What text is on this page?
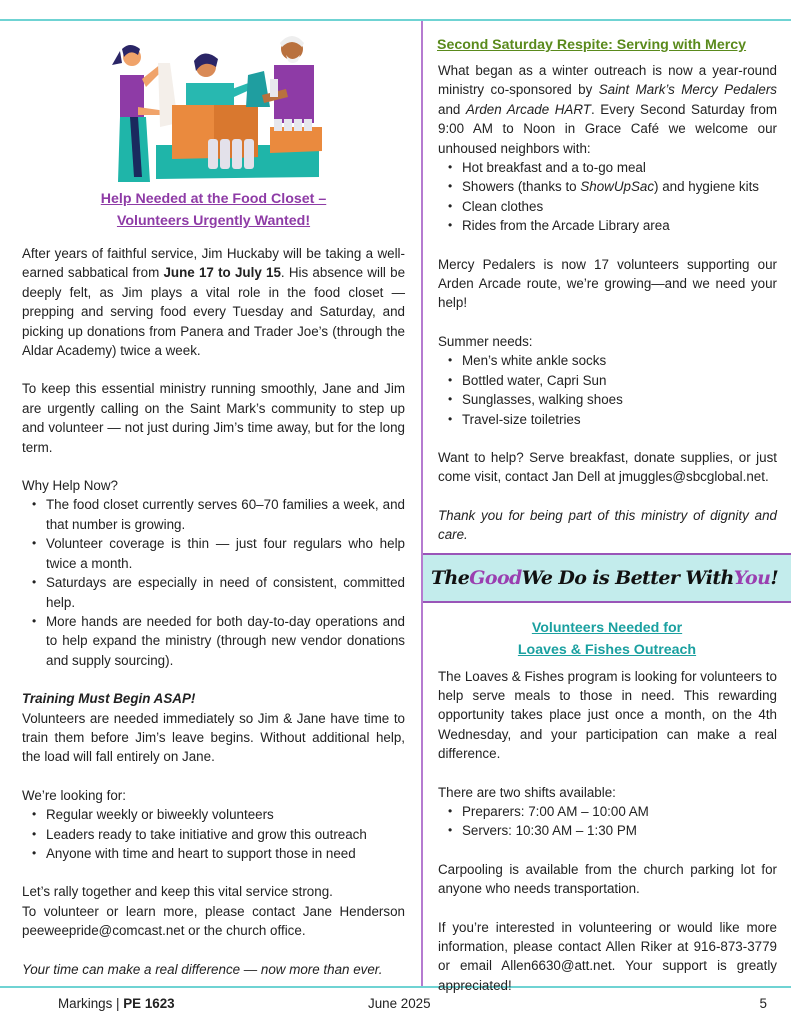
Help Needed at the Food Closet –
Volunteers Urgently Wanted!

After years of faithful service, Jim Huckaby will be taking a well-earned sabbatical from June 17 to July 15. His absence will be deeply felt, as Jim plays a vital role in the food closet — prepping and serving food every Tuesday and Saturday, and picking up donations from Panera and Trader Joe’s (through the Aldar Academy) twice a week.

To keep this essential ministry running smoothly, Jane and Jim are urgently calling on the Saint Mark’s community to step up and volunteer — not just during Jim’s time away, but for the long term.

Why Help Now?

• The food closet currently serves 60–70 families a week, and that number is growing.
• Volunteer coverage is thin — just four regulars who help twice a month.
• Saturdays are especially in need of consistent, committed help.
• More hands are needed for both day-to-day operations and to help expand the ministry (through new vendor donations and supply sourcing).

Training Must Begin ASAP!

Volunteers are needed immediately so Jim & Jane have time to train them before Jim’s leave begins. Without additional help, the load will fall entirely on Jane.

We’re looking for:

• Regular weekly or biweekly volunteers
• Leaders ready to take initiative and grow this outreach
• Anyone with time and heart to support those in need

Let’s rally together and keep this vital service strong.

To volunteer or learn more, please contact Jane Henderson peeweepride@comcast.net or the church office.

Your time can make a real difference — now more than ever.

Second Saturday Respite: Serving with Mercy

What began as a winter outreach is now a year-round ministry co-sponsored by Saint Mark’s Mercy Pedalers and Arden Arcade HART. Every Second Saturday from 9:00 AM to Noon in Grace Café we welcome our unhoused neighbors with:

• Hot breakfast and a to-go meal
• Showers (thanks to ShowUpSac) and hygiene kits
• Clean clothes
• Rides from the Arcade Library area

Mercy Pedalers is now 17 volunteers supporting our Arden Arcade route, we’re growing—and we need your help!

Summer needs:

• Men’s white ankle socks
• Bottled water, Capri Sun
• Sunglasses, walking shoes
• Travel-size toiletries

Want to help? Serve breakfast, donate supplies, or just come visit, contact Jan Dell at jmuggles@sbcglobal.net.

Thank you for being part of this ministry of dignity and care.

The Good We Do is Better With You !
Volunteers Needed for
Loaves & Fishes Outreach

The Loaves & Fishes program is looking for volunteers to help serve meals to those in need. This rewarding opportunity takes place just once a month, on the 4th Wednesday, and your participation can make a real difference.

There are two shifts available:

• Preparers: 7:00 AM – 10:00 AM
• Servers: 10:30 AM – 1:30 PM

Carpooling is available from the church parking lot for anyone who needs transportation.

If you’re interested in volunteering or would like more information, please contact Allen Riker at 916-873-3779 or email Allen6630@att.net. Your support is greatly appreciated!

Markings | PE 1623	June 2025	5
